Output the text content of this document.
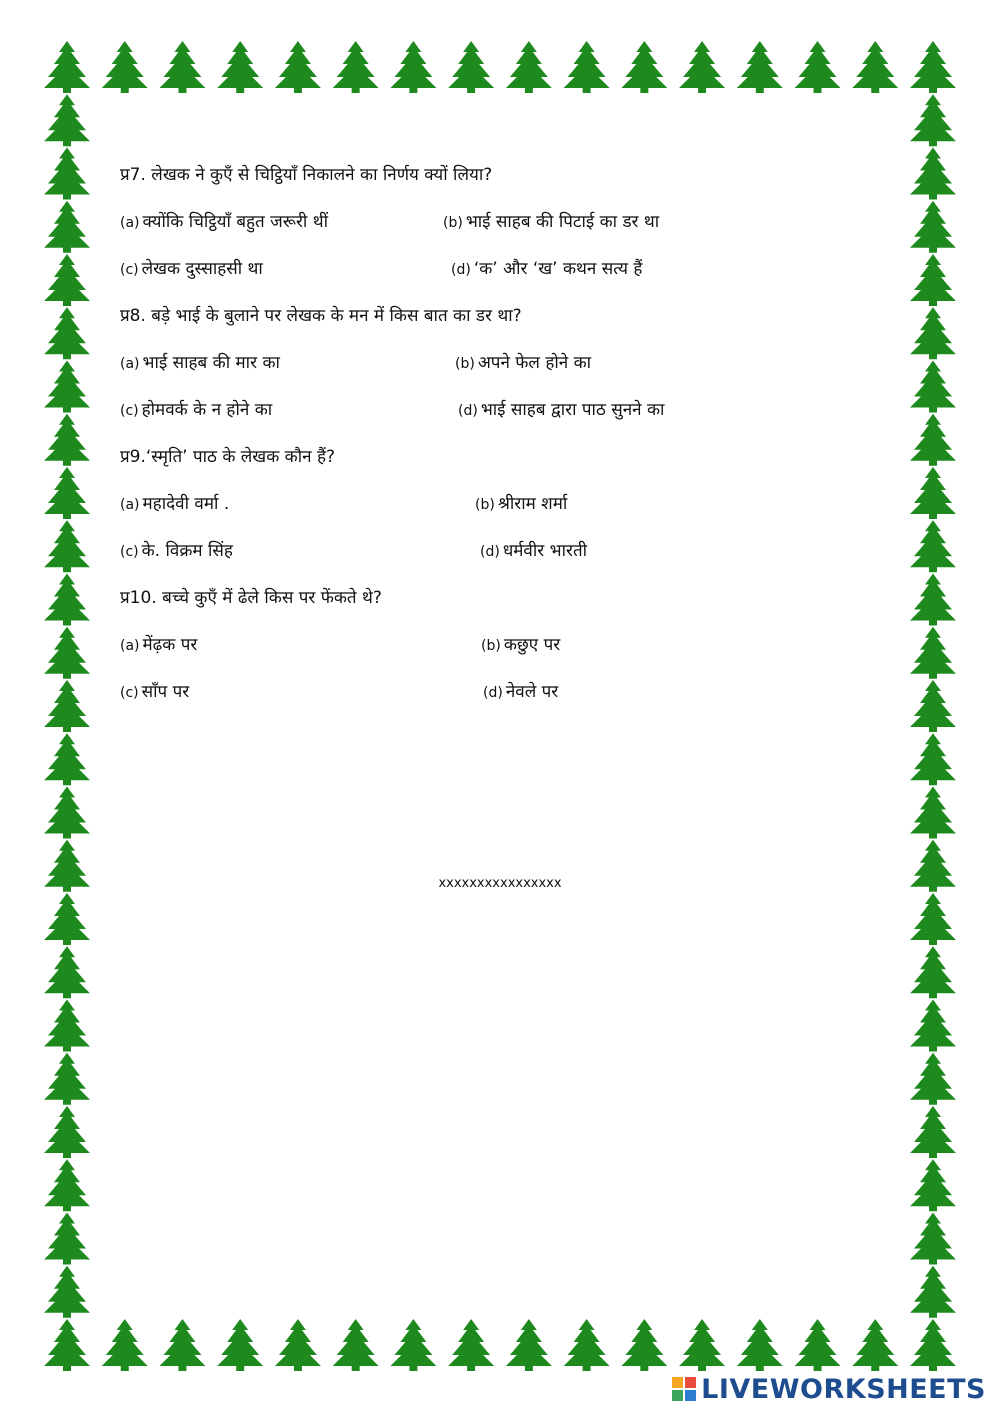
प्र7. लेखक ने कुएँ से चिट्ठियाँ निकालने का निर्णय क्यों लिया?
(a) क्योंकि चिट्ठियाँ बहुत जरूरी थीं	(b) भाई साहब की पिटाई का डर था
(c) लेखक दुस्साहसी था	(d) ‘क’ और ‘ख’ कथन सत्य हैं
प्र8. बड़े भाई के बुलाने पर लेखक के मन में किस बात का डर था?
(a) भाई साहब की मार का	(b) अपने फेल होने का
(c) होमवर्क के न होने का	(d) भाई साहब द्वारा पाठ सुनने का
प्र9.‘स्मृति’ पाठ के लेखक कौन हैं?
(a) महादेवी वर्मा .	(b) श्रीराम शर्मा
(c) के. विक्रम सिंह	(d) धर्मवीर भारती
प्र10. बच्चे कुएँ में ढेले किस पर फेंकते थे?
(a) मेंढ़क पर	(b) कछुए पर
(c) साँप पर	(d) नेवले पर
xxxxxxxxxxxxxxxx
LIVEWORKSHEETS
